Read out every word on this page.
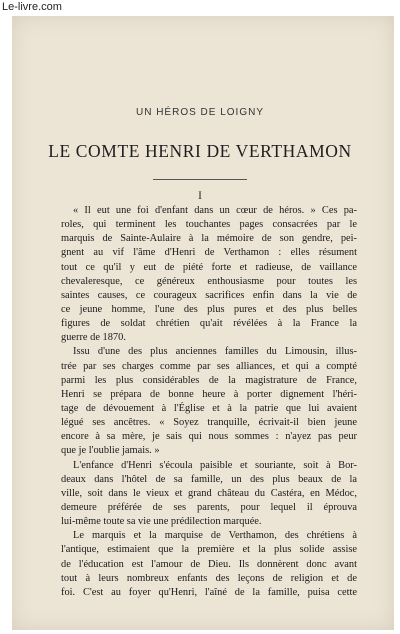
Le-livre.com
UN HÉROS DE LOIGNY
LE COMTE HENRI DE VERTHAMON
I
« Il eut une foi d'enfant dans un cœur de héros. » Ces pa-
roles, qui terminent les touchantes pages consacrées par le
marquis de Sainte-Aulaire à la mémoire de son gendre, pei-
gnent au vif l'âme d'Henri de Verthamon : elles résument
tout ce qu'il y eut de piété forte et radieuse, de vaillance
chevaleresque, ce généreux enthousiasme pour toutes les
saintes causes, ce courageux sacrifices enfin dans la vie de
ce jeune homme, l'une des plus pures et des plus belles
figures de soldat chrétien qu'ait révélées à la France la
guerre de 1870.
Issu d'une des plus anciennes familles du Limousin, illus-
trée par ses charges comme par ses alliances, et qui a compté
parmi les plus considérables de la magistrature de France,
Henri se prépara de bonne heure à porter dignement l'héri-
tage de dévouement à l'Église et à la patrie que lui avaient
légué ses ancêtres. « Soyez tranquille, écrivait-il bien jeune
encore à sa mère, je sais qui nous sommes : n'ayez pas peur
que je l'oublie jamais. »
L'enfance d'Henri s'écoula paisible et souriante, soit à Bor-
deaux dans l'hôtel de sa famille, un des plus beaux de la
ville, soit dans le vieux et grand château du Castéra, en Médoc,
demeure préférée de ses parents, pour lequel il éprouva
lui-même toute sa vie une prédilection marquée.
Le marquis et la marquise de Verthamon, des chrétiens à
l'antique, estimaient que la première et la plus solide assise
de l'éducation est l'amour de Dieu. Ils donnèrent donc avant
tout à leurs nombreux enfants des leçons de religion et de
foi. C'est au foyer qu'Henri, l'aîné de la famille, puisa cette
